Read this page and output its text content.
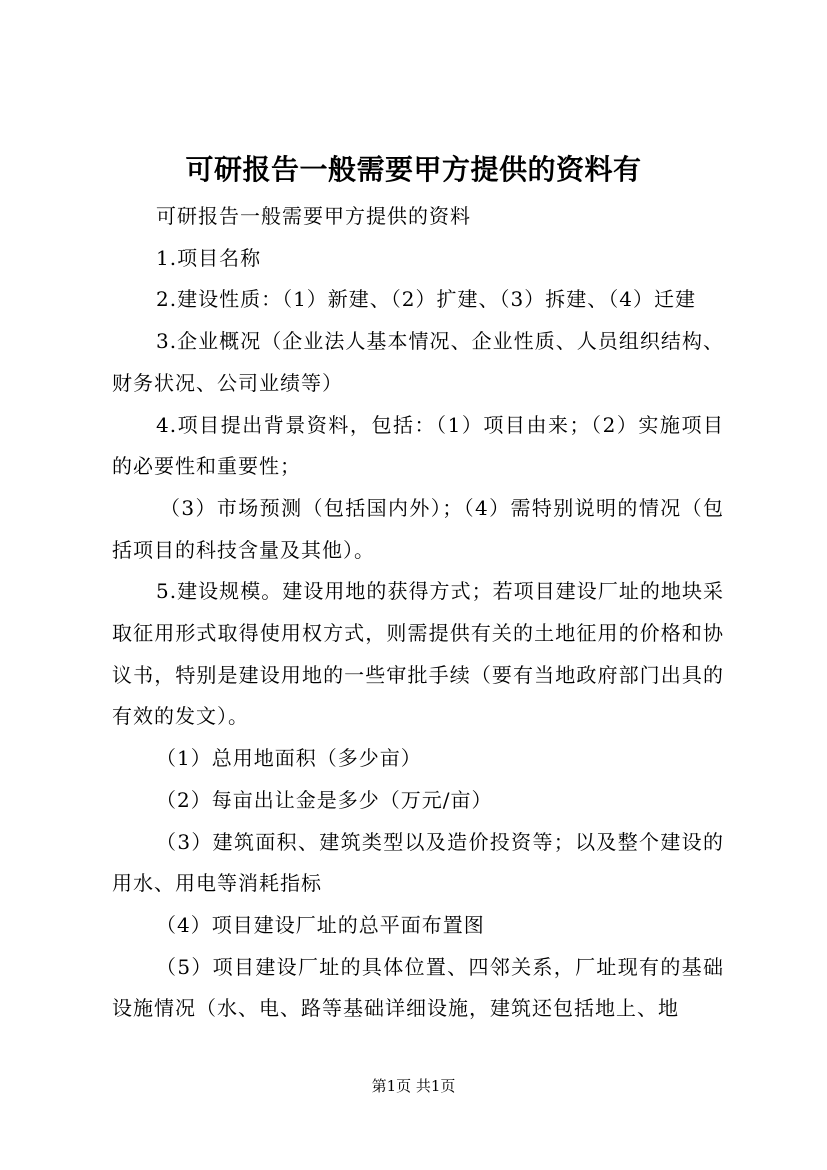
可研报告一般需要甲方提供的资料有

可研报告一般需要甲方提供的资料

1.项目名称

2.建设性质：（1）新建、（2）扩建、（3）拆建、（4）迁建

3.企业概况（企业法人基本情况、企业性质、人员组织结构、财务状况、公司业绩等）

4.项目提出背景资料，包括：（1）项目由来；（2）实施项目的必要性和重要性；

（3）市场预测（包括国内外）；（4）需特别说明的情况（包括项目的科技含量及其他）。

5.建设规模。建设用地的获得方式；若项目建设厂址的地块采取征用形式取得使用权方式，则需提供有关的土地征用的价格和协议书，特别是建设用地的一些审批手续（要有当地政府部门出具的有效的发文）。

（1）总用地面积（多少亩）

（2）每亩出让金是多少（万元/亩）

（3）建筑面积、建筑类型以及造价投资等；以及整个建设的用水、用电等消耗指标

（4）项目建设厂址的总平面布置图

（5）项目建设厂址的具体位置、四邻关系，厂址现有的基础设施情况（水、电、路等基础详细设施，建筑还包括地上、地

第1页 共1页
